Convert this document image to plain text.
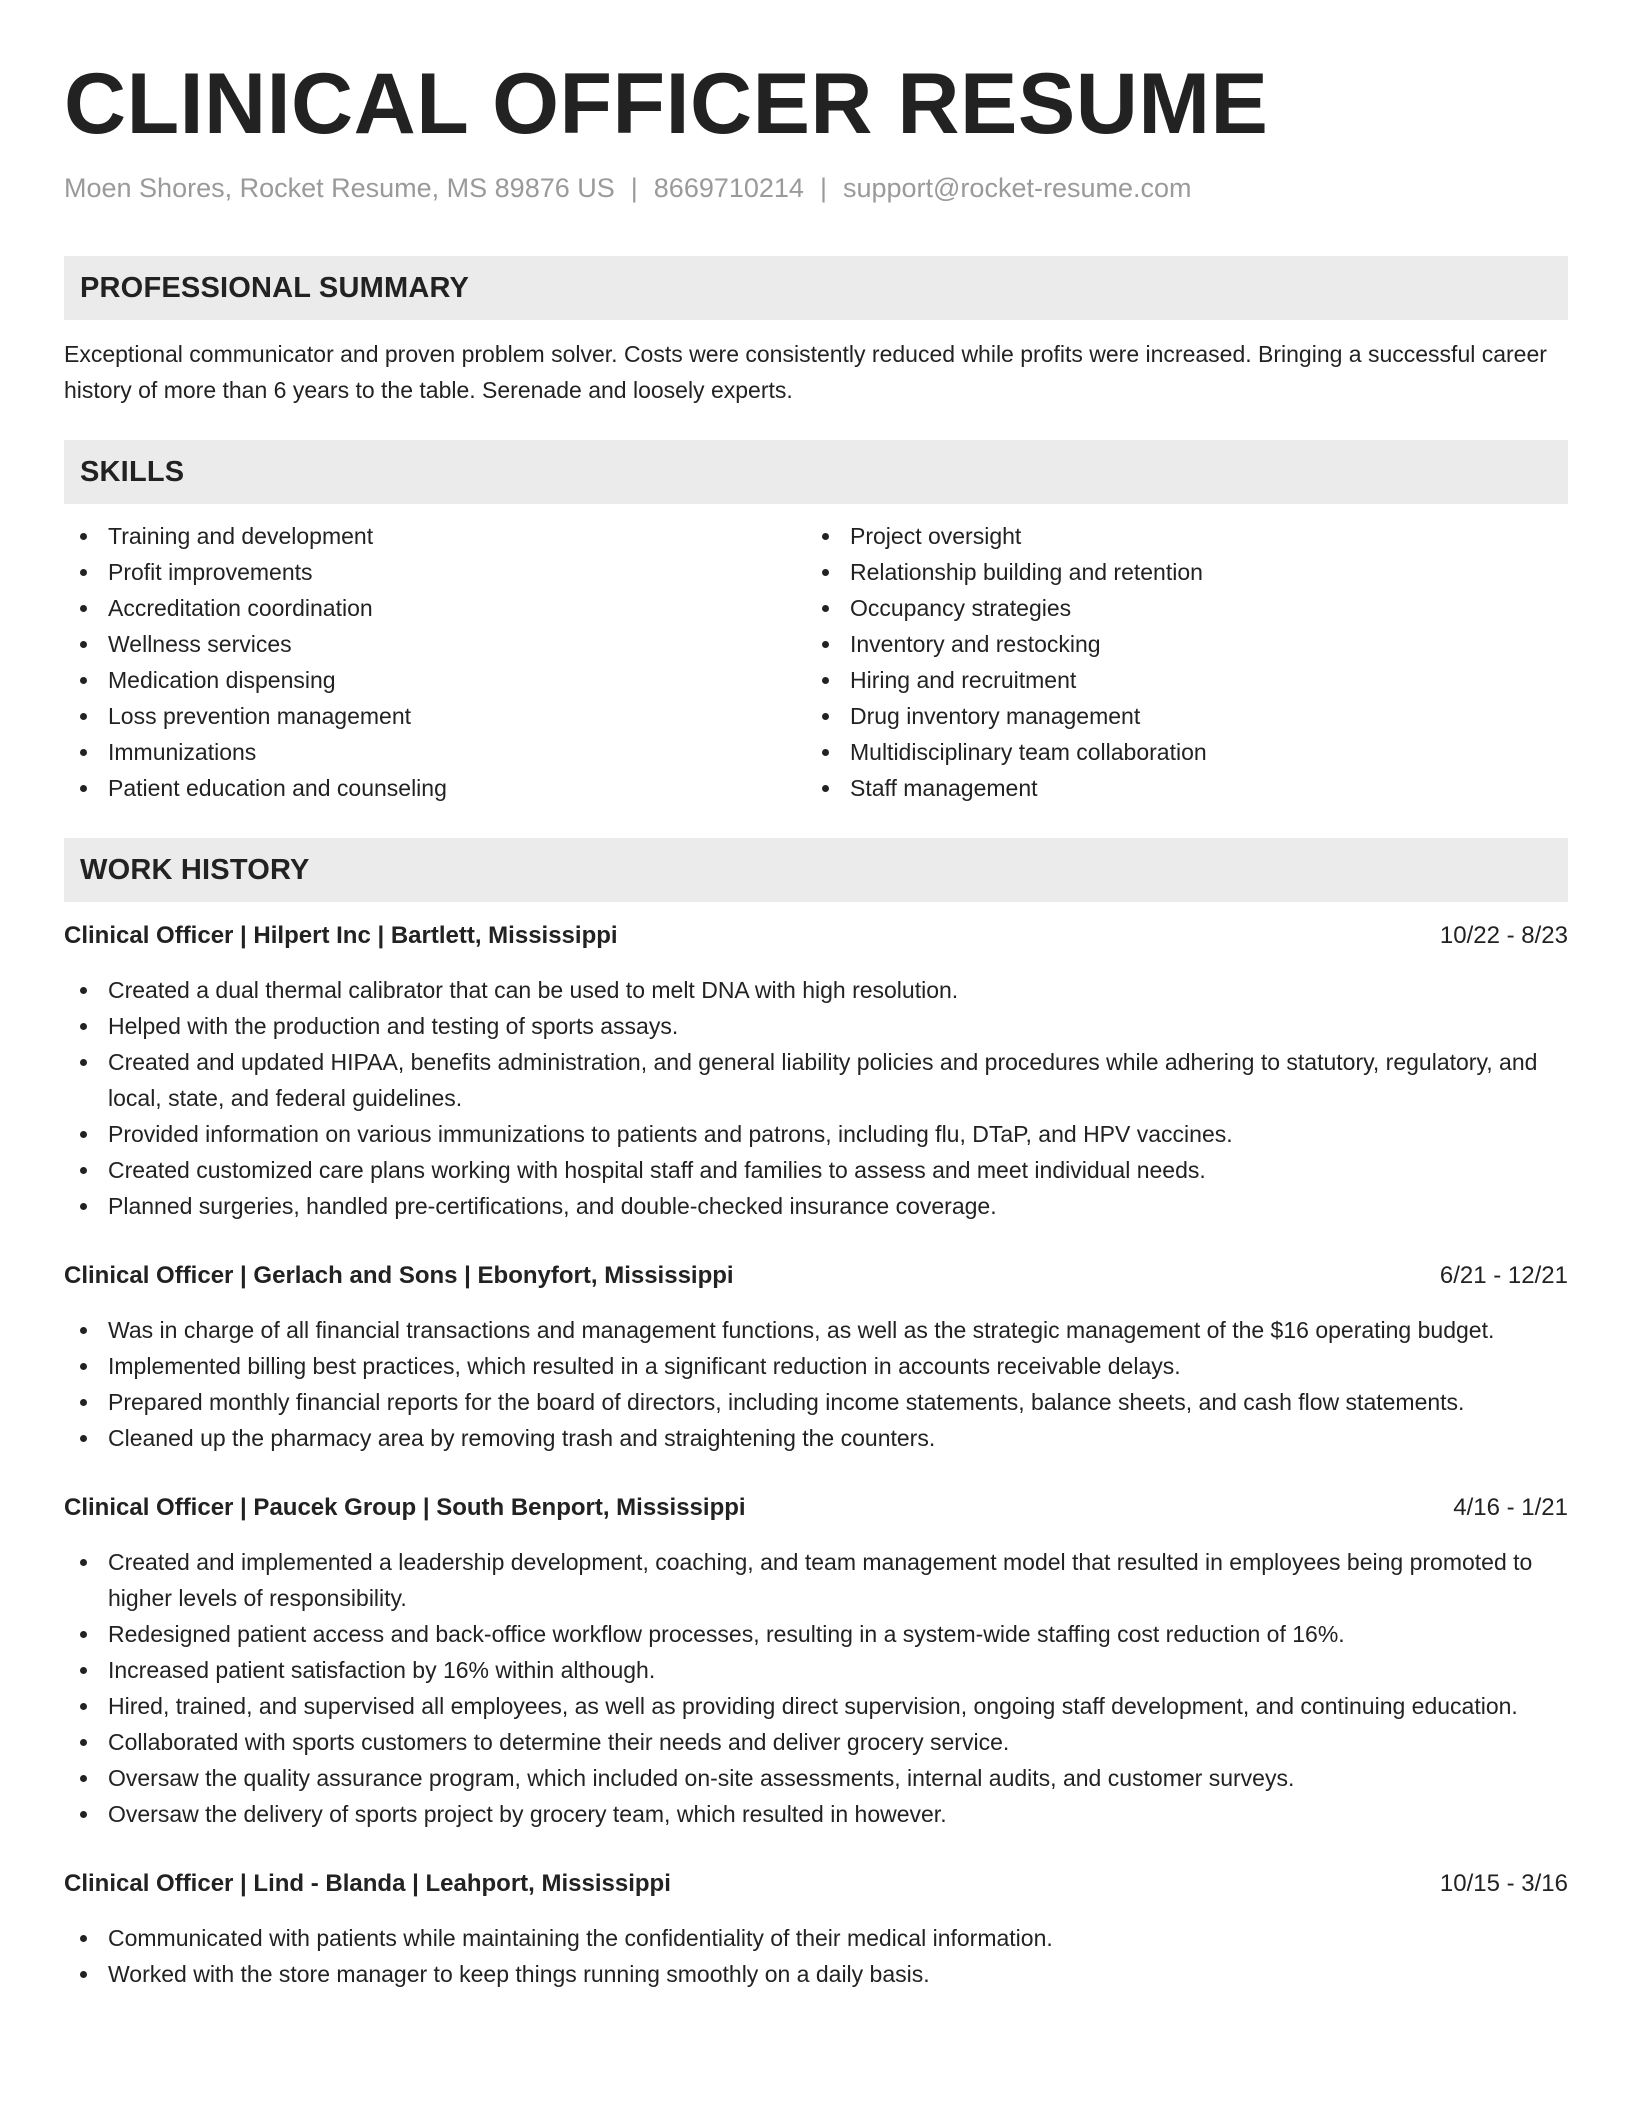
CLINICAL OFFICER RESUME
Moen Shores, Rocket Resume, MS 89876 US | 8669710214 | support@rocket-resume.com
PROFESSIONAL SUMMARY

Exceptional communicator and proven problem solver. Costs were consistently reduced while profits were increased. Bringing a successful career history of more than 6 years to the table. Serenade and loosely experts.

SKILLS
Training and development
Profit improvements
Accreditation coordination
Wellness services
Medication dispensing
Loss prevention management
Immunizations
Patient education and counseling
Project oversight
Relationship building and retention
Occupancy strategies
Inventory and restocking
Hiring and recruitment
Drug inventory management
Multidisciplinary team collaboration
Staff management
WORK HISTORY
Clinical Officer | Hilpert Inc | Bartlett, Mississippi	10/22 - 8/23
Created a dual thermal calibrator that can be used to melt DNA with high resolution.
Helped with the production and testing of sports assays.
Created and updated HIPAA, benefits administration, and general liability policies and procedures while adhering to statutory, regulatory, and local, state, and federal guidelines.
Provided information on various immunizations to patients and patrons, including flu, DTaP, and HPV vaccines.
Created customized care plans working with hospital staff and families to assess and meet individual needs.
Planned surgeries, handled pre-certifications, and double-checked insurance coverage.
Clinical Officer | Gerlach and Sons | Ebonyfort, Mississippi	6/21 - 12/21
Was in charge of all financial transactions and management functions, as well as the strategic management of the $16 operating budget.
Implemented billing best practices, which resulted in a significant reduction in accounts receivable delays.
Prepared monthly financial reports for the board of directors, including income statements, balance sheets, and cash flow statements.
Cleaned up the pharmacy area by removing trash and straightening the counters.
Clinical Officer | Paucek Group | South Benport, Mississippi	4/16 - 1/21
Created and implemented a leadership development, coaching, and team management model that resulted in employees being promoted to higher levels of responsibility.
Redesigned patient access and back-office workflow processes, resulting in a system-wide staffing cost reduction of 16%.
Increased patient satisfaction by 16% within although.
Hired, trained, and supervised all employees, as well as providing direct supervision, ongoing staff development, and continuing education.
Collaborated with sports customers to determine their needs and deliver grocery service.
Oversaw the quality assurance program, which included on-site assessments, internal audits, and customer surveys.
Oversaw the delivery of sports project by grocery team, which resulted in however.
Clinical Officer | Lind - Blanda | Leahport, Mississippi	10/15 - 3/16
Communicated with patients while maintaining the confidentiality of their medical information.
Worked with the store manager to keep things running smoothly on a daily basis.
